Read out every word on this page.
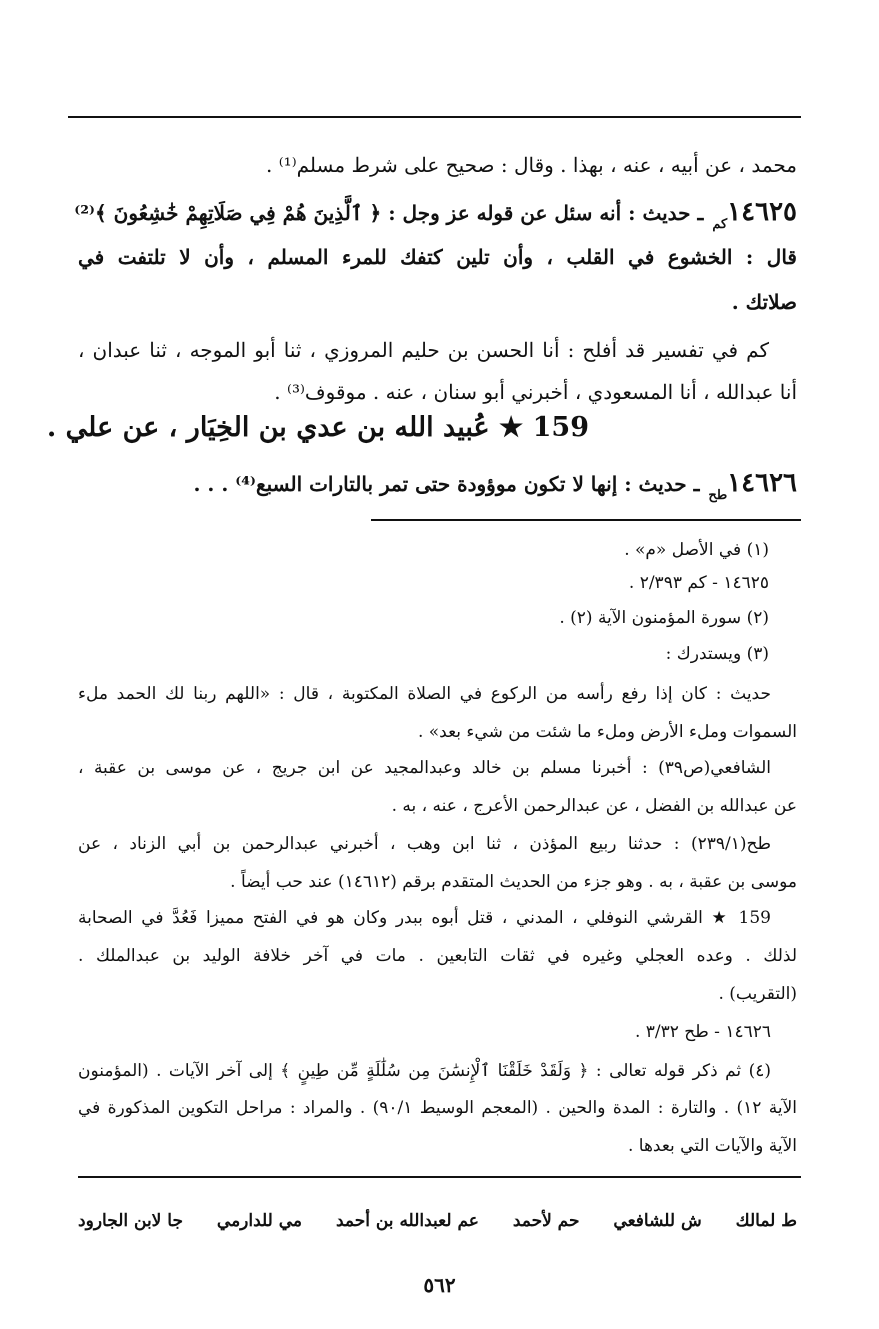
محمد ، عن أبيه ، عنه ، بهذا . وقال : صحيح على شرط مسلم⁽¹⁾ .
$١٤٦٢٥_{كم}$ ـ حديث : أنه سئل عن قوله عز وجل : ﴿ ٱلَّذِينَ هُمْ فِي صَلَاتِهِمْ خَٰشِعُونَ ﴾⁽²⁾
قال : الخشوع في القلب ، وأن تلين كتفك للمرء المسلم ، وأن لا تلتفت في
صلاتك .
كم في تفسير قد أفلح : أنا الحسن بن حليم المروزي ، ثنا أبو الموجه ، ثنا عبدان ،
أنا عبدالله ، أنا المسعودي ، أخبرني أبو سنان ، عنه . موقوف⁽³⁾ .
159 ★ عُبيد الله بن عدي بن الخِيَار ، عن علي .
$١٤٦٢٦_{طح}$ ـ حديث : إنها لا تكون موؤودة حتى تمر بالتارات السبع⁽⁴⁾ . . .
(١) في الأصل «م» .
١٤٦٢٥ - كم ٢/٣٩٣ .
(٢) سورة المؤمنون الآية (٢) .
(٣) ويستدرك :
حديث : كان إذا رفع رأسه من الركوع في الصلاة المكتوبة ، قال : «اللهم ربنا لك الحمد ملء
السموات وملء الأرض وملء ما شئت من شيء بعد» .
الشافعي(ص٣٩) : أخبرنا مسلم بن خالد وعبدالمجيد عن ابن جريج ، عن موسى بن عقبة ،
عن عبدالله بن الفضل ، عن عبدالرحمن الأعرج ، عنه ، به .
طح(٢٣٩/١) : حدثنا ربيع المؤذن ، ثنا ابن وهب ، أخبرني عبدالرحمن بن أبي الزناد ، عن
موسى بن عقبة ، به . وهو جزء من الحديث المتقدم برقم (١٤٦١٢) عند حب أيضاً .
159 ★ القرشي النوفلي ، المدني ، قتل أبوه ببدر وكان هو في الفتح مميزا فَعُدَّ في الصحابة
لذلك . وعده العجلي وغيره في ثقات التابعين . مات في آخر خلافة الوليد بن عبدالملك .
(التقريب) .
١٤٦٢٦ - طح ٣/٣٢ .
(٤) ثم ذكر قوله تعالى : ﴿ وَلَقَدْ خَلَقْنَا ٱلْإِنسَٰنَ مِن سُلَٰلَةٍ مِّن طِينٍ ﴾ إلى آخر الآيات . (المؤمنون
الآية ١٢) . والتارة : المدة والحين . (المعجم الوسيط ٩٠/١) . والمراد : مراحل التكوين المذكورة في
الآية والآيات التي بعدها .
ط لمالك
ش للشافعي
حم لأحمد
عم لعبدالله بن أحمد
مي للدارمي
جا لابن الجارود
٥٦٢
